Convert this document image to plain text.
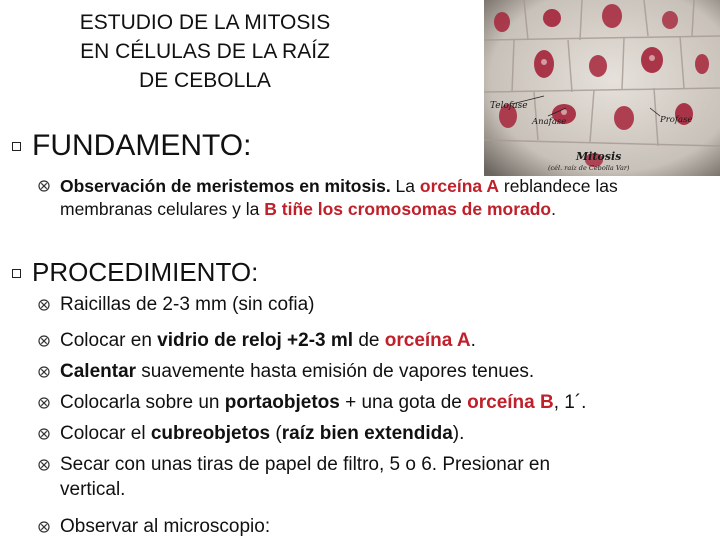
ESTUDIO DE LA MITOSIS
EN CÉLULAS DE LA RAÍZ
DE CEBOLLA
Telofase
Anafase	Profase
Mitosis
(cél. raíz de Cebolla Var)
FUNDAMENTO:
Observación de meristemos en mitosis. La orceína A reblandece las membranas celulares y la B tiñe los cromosomas de morado.
PROCEDIMIENTO:
Raicillas de 2-3 mm (sin cofia)
Colocar en vidrio de reloj +2-3 ml de orceína A.
Calentar suavemente hasta emisión de vapores tenues.
Colocarla sobre un portaobjetos + una gota de orceína B, 1´.
Colocar el cubreobjetos (raíz bien extendida).
Secar con unas tiras de papel de filtro, 5 o 6. Presionar en
vertical.
Observar al microscopio:
